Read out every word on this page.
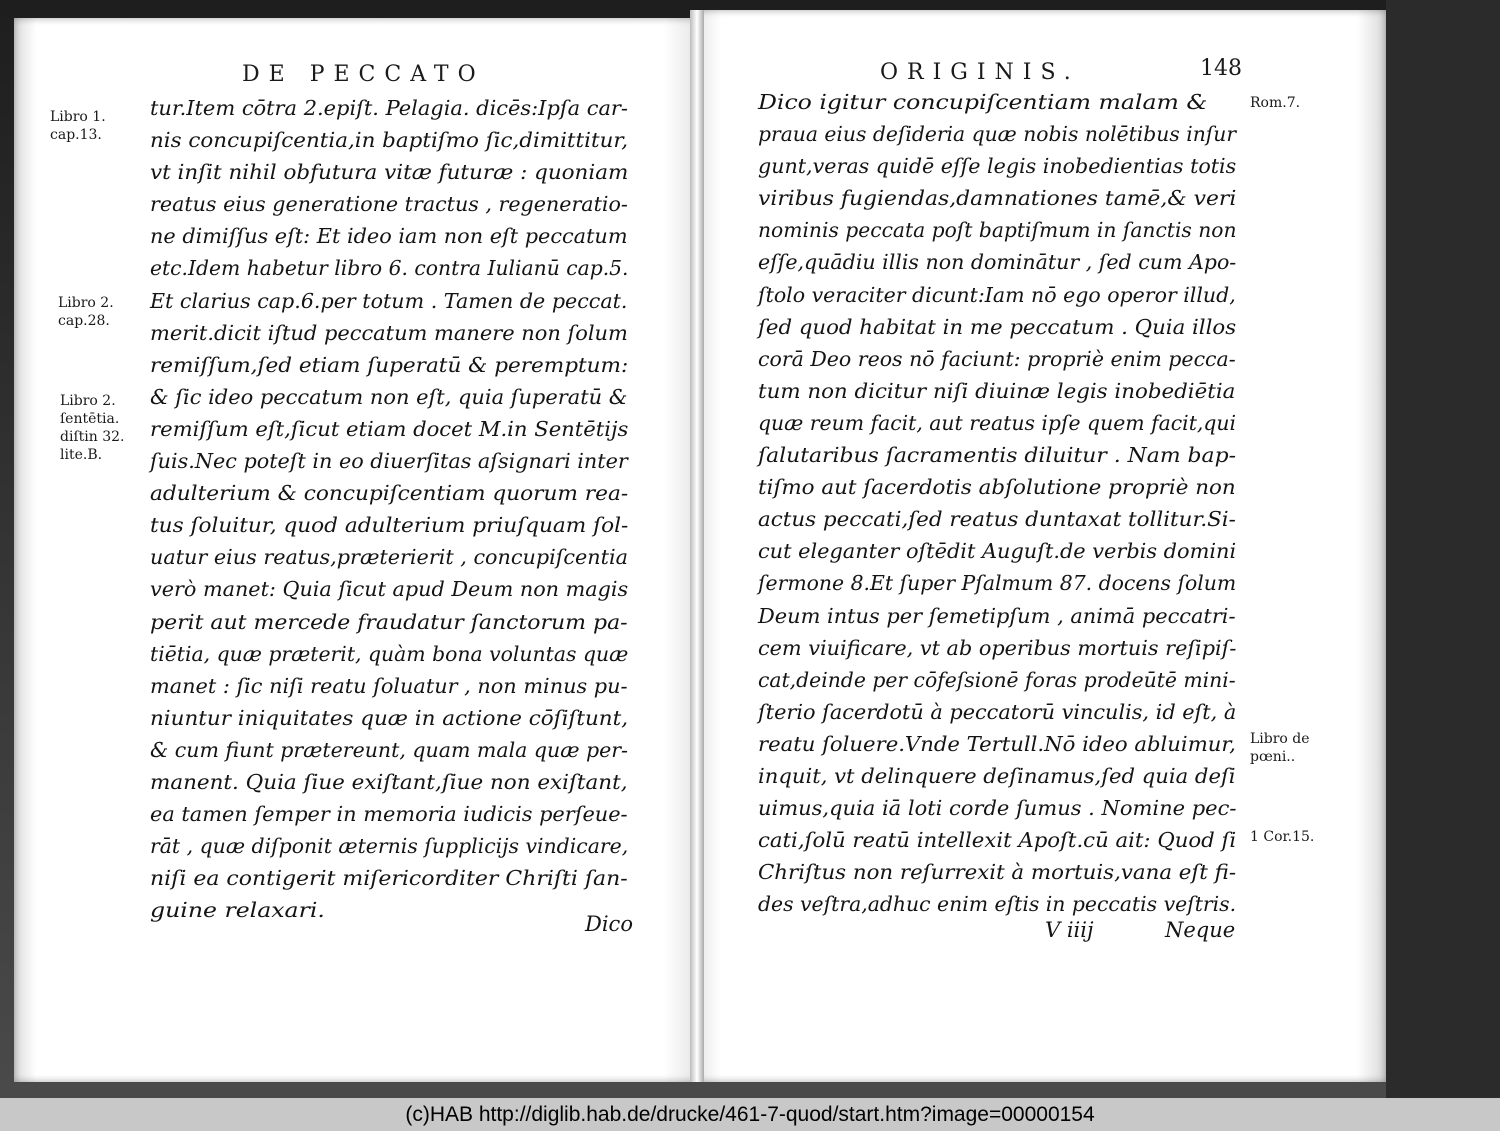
DE PECCATO
Libro 1.
cap.13.
Libro 2.
cap.28.
Libro 2.
ſentētia.
diſtin 32.
lite.B.
tur.Item cōtra 2.epiſt. Pelagia. dicēs:Ipſa car-
nis concupiſcentia,in baptiſmo ſic,dimittitur,
vt inſit nihil obfutura vitæ futuræ : quoniam
reatus eius generatione tractus , regeneratio-
ne dimiſſus eſt: Et ideo iam non eſt peccatum
etc.Idem habetur libro 6. contra Iulianū cap.5.
Et clarius cap.6.per totum . Tamen de peccat.
merit.dicit iſtud peccatum manere non ſolum
remiſſum,ſed etiam ſuperatū & peremptum:
& ſic ideo peccatum non eſt, quia ſuperatū &
remiſſum eſt,ſicut etiam docet M.in Sentētijs
ſuis.Nec poteſt in eo diuerſitas aſsignari inter
adulterium & concupiſcentiam quorum rea-
tus ſoluitur, quod adulterium priuſquam ſol-
uatur eius reatus,præterierit , concupiſcentia
verò manet: Quia ſicut apud Deum non magis
perit aut mercede fraudatur ſanctorum pa-
tiētia, quæ præterit, quàm bona voluntas quæ
manet : ſic niſi reatu ſoluatur , non minus pu-
niuntur iniquitates quæ in actione cōſiſtunt,
& cum fiunt prætereunt, quam mala quæ per-
manent. Quia ſiue exiſtant,ſiue non exiſtant,
ea tamen ſemper in memoria iudicis perſeue-
rāt , quæ diſponit æternis ſupplicijs vindicare,
niſi ea contigerit miſericorditer Chriſti ſan-
guine relaxari.
Dico
ORIGINIS.	148
Rom.7.
Libro de
pœni..
1 Cor.15.
Dico igitur concupiſcentiam malam &
praua eius deſideria quæ nobis nolētibus inſur
gunt,veras quidē eſſe legis inobedientias totis
viribus fugiendas,damnationes tamē,& veri
nominis peccata poſt baptiſmum in ſanctis non
eſſe,quādiu illis non dominātur , ſed cum Apo-
ſtolo veraciter dicunt:Iam nō ego operor illud,
ſed quod habitat in me peccatum . Quia illos
corā Deo reos nō faciunt: propriè enim pecca-
tum non dicitur niſi diuinæ legis inobediētia
quæ reum facit, aut reatus ipſe quem facit,qui
ſalutaribus ſacramentis diluitur . Nam bap-
tiſmo aut ſacerdotis abſolutione propriè non
actus peccati,ſed reatus duntaxat tollitur.Si-
cut eleganter oſtēdit Auguſt.de verbis domini
ſermone 8.Et ſuper Pſalmum 87. docens ſolum
Deum intus per ſemetipſum , animā peccatri-
cem viuificare, vt ab operibus mortuis reſipiſ-
cat,deinde per cōfeſsionē foras prodeūtē mini-
ſterio ſacerdotū à peccatorū vinculis, id eſt, à
reatu ſoluere.Vnde Tertull.Nō ideo abluimur,
inquit, vt delinquere deſinamus,ſed quia deſi
uimus,quia iā loti corde ſumus . Nomine pec-
cati,ſolū reatū intellexit Apoſt.cū ait: Quod ſi
Chriſtus non reſurrexit à mortuis,vana eſt fi-
des veſtra,adhuc enim eſtis in peccatis veſtris.
V iiij	Neque
(c)HAB http://diglib.hab.de/drucke/461-7-quod/start.htm?image=00000154
